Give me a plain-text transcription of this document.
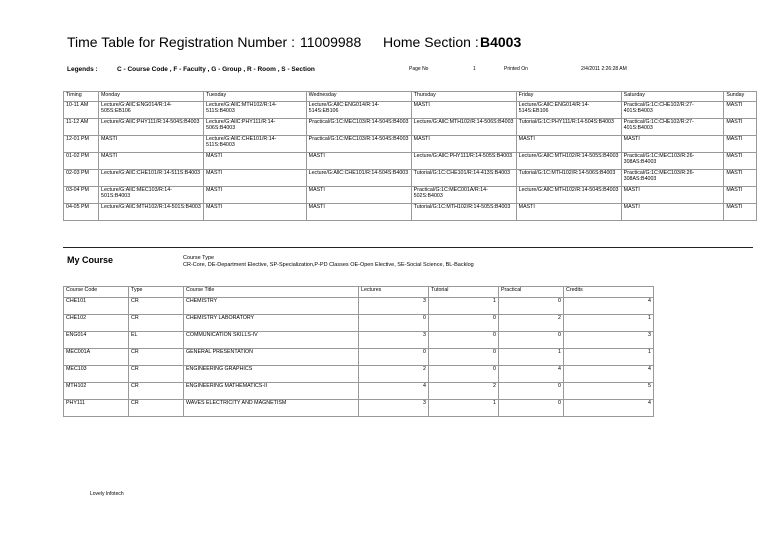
Time Table for Registration Number : 11009988 Home Section : B4003
Legends :	C - Course Code , F - Faculty , G - Group , R - Room , S - Section	Page No	1	Printed On	2/4/2011 2:26:28 AM
Timing	Monday	Tuesday	Wednesday	Thursday	Friday	Saturday	Sunday
10-11 AM	Lecture/G:AllC:ENG014/R:14-505S:EB106	Lecture/G:AllC:MTH102/R:14-511S:B4003	Lecture/G:AllC:ENG014/R:14-514S:EB106	MASTI	Lecture/G:AllC:ENG014/R:14-514S:EB106	Practical/G:1C:CHE102/R:27-401S:B4003	MASTI
11-12 AM	Lecture/G:AllC:PHY111/R:14-504S:B4003	Lecture/G:AllC:PHY111/R:14-506S:B4003	Practical/G:1C:MEC103/R:14-504S:B4003	Lecture/G:AllC:MTH102/R:14-506S:B4003	Tutorial/G:1C:PHY111/R:14-504S:B4003	Practical/G:1C:CHE102/R:27-401S:B4003	MASTI
12-01 PM	MASTI	Lecture/G:AllC:CHE101/R:14-511S:B4003	Practical/G:1C:MEC103/R:14-504S:B4003	MASTI	MASTI	MASTI	MASTI
01-02 PM	MASTI	MASTI	MASTI	Lecture/G:AllC:PHY111/R:14-505S:B4003	Lecture/G:AllC:MTH102/R:14-505S:B4003	Practical/G:1C:MEC103/R:26-308AS:B4003	MASTI
02-03 PM	Lecture/G:AllC:CHE101/R:14-511S:B4003	MASTI	Lecture/G:AllC:CHE101/R:14-504S:B4003	Tutorial/G:1C:CHE101/R:14-413S:B4003	Tutorial/G:1C:MTH102/R:14-506S:B4003	Practical/G:1C:MEC103/R:26-308AS:B4003	MASTI
03-04 PM	Lecture/G:AllC:MEC103/R:14-501S:B4003	MASTI	MASTI	Practical/G:1C:MEC001A/R:14-502S:B4003	Lecture/G:AllC:MTH102/R:14-504S:B4003	MASTI	MASTI
04-05 PM	Lecture/G:AllC:MTH102/R:14-501S:B4003	MASTI	MASTI	Tutorial/G:1C:MTH102/R:14-505S:B4003	MASTI	MASTI	MASTI
My Course	Course Type
CR-Core, DE-Department Elective, SP-Specialization,P-PD Classes OE-Open Elective, SE-Social Science, BL-Backlog
Course Code	Type	Course Title	Lectures	Tutorial	Practical	Credits
CHE101	CR	CHEMISTRY	3	1	0	4
CHE102	CR	CHEMISTRY LABORATORY	0	0	2	1
ENG014	EL	COMMUNICATION SKILLS-IV	3	0	0	3
MEC001A	CR	GENERAL PRESENTATION	0	0	1	1
MEC103	CR	ENGINEERING GRAPHICS	2	0	4	4
MTH102	CR	ENGINEERING MATHEMATICS-II	4	2	0	5
PHY111	CR	WAVES ELECTRICITY AND MAGNETISM	3	1	0	4
Lovely Infotech
